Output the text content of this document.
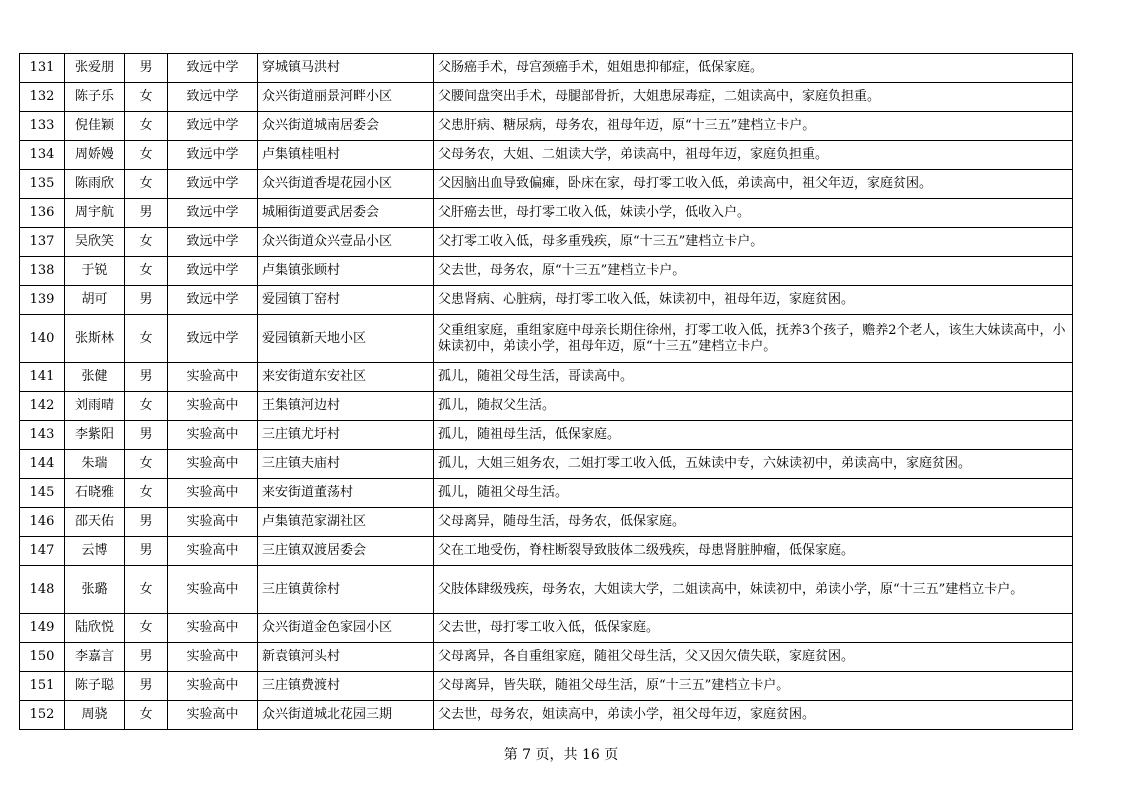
131	张爱朋	男	致远中学	穿城镇马洪村	父肠癌手术，母宫颈癌手术，姐姐患抑郁症，低保家庭。
132	陈子乐	女	致远中学	众兴街道丽景河畔小区	父腰间盘突出手术，母腿部骨折，大姐患尿毒症，二姐读高中，家庭负担重。
133	倪佳颖	女	致远中学	众兴街道城南居委会	父患肝病、糖尿病，母务农，祖母年迈，原“十三五”建档立卡户。
134	周娇嫚	女	致远中学	卢集镇桂咀村	父母务农，大姐、二姐读大学，弟读高中，祖母年迈，家庭负担重。
135	陈雨欣	女	致远中学	众兴街道香堤花园小区	父因脑出血导致偏瘫，卧床在家，母打零工收入低，弟读高中，祖父年迈，家庭贫困。
136	周宇航	男	致远中学	城厢街道要武居委会	父肝癌去世，母打零工收入低，妹读小学，低收入户。
137	吴欣笑	女	致远中学	众兴街道众兴壹品小区	父打零工收入低，母多重残疾，原“十三五”建档立卡户。
138	于锐	女	致远中学	卢集镇张顾村	父去世，母务农，原“十三五”建档立卡户。
139	胡可	男	致远中学	爱园镇丁窑村	父患肾病、心脏病，母打零工收入低，妹读初中，祖母年迈，家庭贫困。
140	张斯林	女	致远中学	爱园镇新天地小区	父重组家庭，重组家庭中母亲长期住徐州，打零工收入低，抚养3个孩子，赡养2个老人，该生大妹读高中，小妹读初中，弟读小学，祖母年迈，原“十三五”建档立卡户。
141	张健	男	实验高中	来安街道东安社区	孤儿，随祖父母生活，哥读高中。
142	刘雨晴	女	实验高中	王集镇河边村	孤儿，随叔父生活。
143	李紫阳	男	实验高中	三庄镇尤圩村	孤儿，随祖母生活，低保家庭。
144	朱瑞	女	实验高中	三庄镇夫庙村	孤儿，大姐三姐务农，二姐打零工收入低，五妹读中专，六妹读初中，弟读高中，家庭贫困。
145	石晓雅	女	实验高中	来安街道董荡村	孤儿，随祖父母生活。
146	邵天佑	男	实验高中	卢集镇范家湖社区	父母离异，随母生活，母务农，低保家庭。
147	云博	男	实验高中	三庄镇双渡居委会	父在工地受伤，脊柱断裂导致肢体二级残疾，母患肾脏肿瘤，低保家庭。
148	张璐	女	实验高中	三庄镇黄徐村	父肢体肆级残疾，母务农，大姐读大学，二姐读高中，妹读初中，弟读小学，原“十三五”建档立卡户。
149	陆欣悦	女	实验高中	众兴街道金色家园小区	父去世，母打零工收入低，低保家庭。
150	李嘉言	男	实验高中	新袁镇河头村	父母离异，各自重组家庭，随祖父母生活，父又因欠债失联，家庭贫困。
151	陈子聪	男	实验高中	三庄镇费渡村	父母离异，皆失联，随祖父母生活，原“十三五”建档立卡户。
152	周骁	女	实验高中	众兴街道城北花园三期	父去世，母务农，姐读高中，弟读小学，祖父母年迈，家庭贫困。
第 7 页，共 16 页
